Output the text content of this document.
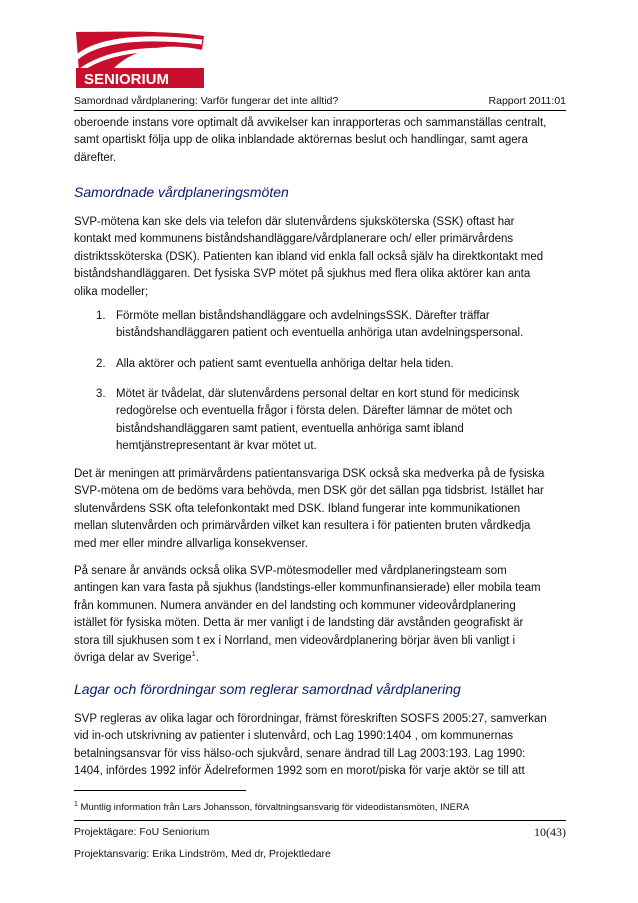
SENIORIUM
Samordnad vårdplanering: Varför fungerar det inte alltid?	Rapport 2011:01

oberoende instans vore optimalt då avvikelser kan inrapporteras och sammanställas centralt,

samt opartiskt följa upp de olika inblandade aktörernas beslut och handlingar, samt agera

därefter.

Samordnade vårdplaneringsmöten

SVP-mötena kan ske dels via telefon där slutenvårdens sjuksköterska (SSK) oftast har

kontakt med kommunens biståndshandläggare/vårdplanerare och/ eller primärvårdens

distriktssköterska (DSK). Patienten kan ibland vid enkla fall också själv ha direktkontakt med

biståndshandläggaren. Det fysiska SVP mötet på sjukhus med flera olika aktörer kan anta

olika modeller;

1. Förmöte mellan biståndshandläggare och avdelningsSSK. Därefter träffar

biståndshandläggaren patient och eventuella anhöriga utan avdelningspersonal.

2. Alla aktörer och patient samt eventuella anhöriga deltar hela tiden.

3. Mötet är tvådelat, där slutenvårdens personal deltar en kort stund för medicinsk

redogörelse och eventuella frågor i första delen. Därefter lämnar de mötet och

biståndshandläggaren samt patient, eventuella anhöriga samt ibland

hemtjänstrepresentant är kvar mötet ut.

Det är meningen att primärvårdens patientansvariga DSK också ska medverka på de fysiska

SVP-mötena om de bedöms vara behövda, men DSK gör det sällan pga tidsbrist. Istället har

slutenvårdens SSK ofta telefonkontakt med DSK. Ibland fungerar inte kommunikationen

mellan slutenvården och primärvården vilket kan resultera i för patienten bruten vårdkedja

med mer eller mindre allvarliga konsekvenser.

På senare år används också olika SVP-mötesmodeller med vårdplaneringsteam som

antingen kan vara fasta på sjukhus (landstings-eller kommunfinansierade) eller mobila team

från kommunen. Numera använder en del landsting och kommuner videovårdplanering

istället för fysiska möten. Detta är mer vanligt i de landsting där avstånden geografiskt är

stora till sjukhusen som t ex i Norrland, men videovårdplanering börjar även bli vanligt i

övriga delar av Sverige$^1$.

Lagar och förordningar som reglerar samordnad vårdplanering

SVP regleras av olika lagar och förordningar, främst föreskriften SOSFS 2005:27, samverkan

vid in-och utskrivning av patienter i slutenvård, och Lag 1990:1404 , om kommunernas

betalningsansvar för viss hälso-och sjukvård, senare ändrad till Lag 2003:193. Lag 1990:

1404, infördes 1992 inför Ädelreformen 1992 som en morot/piska för varje aktör se till att

$^1$ Muntlig information från Lars Johansson, förvaltningsansvarig för videodistansmöten, INERA
Projektägare: FoU Seniorium	10(43)
Projektansvarig: Erika Lindström, Med dr, Projektledare
